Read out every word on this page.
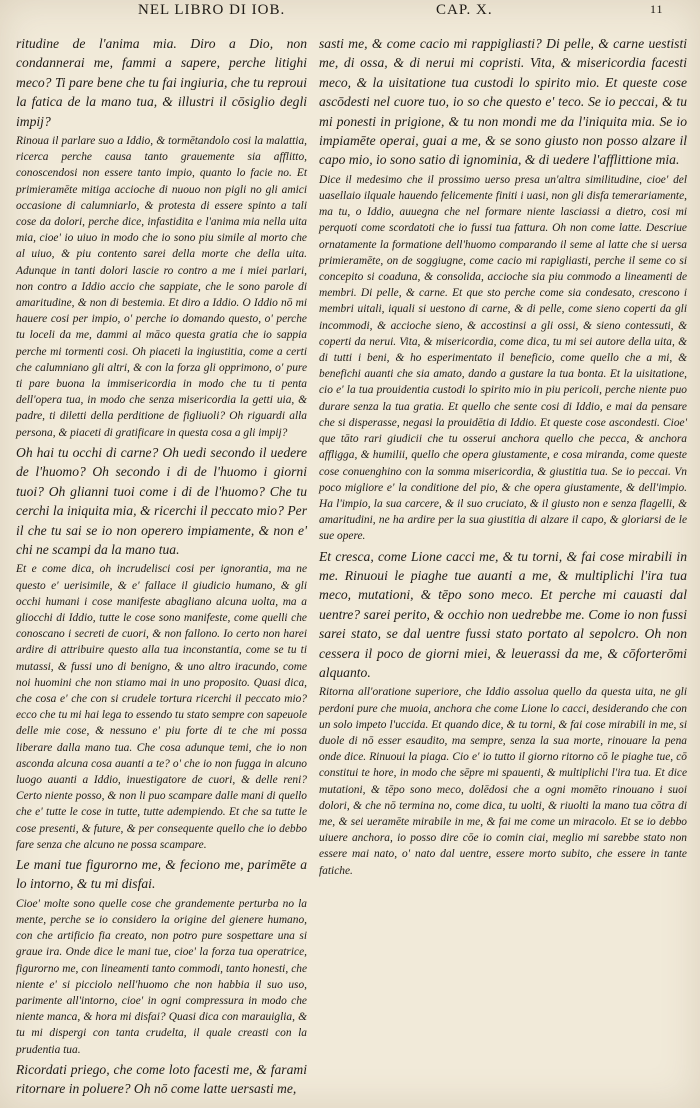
NEL LIBRO DI IOB.	CAP. X.	11

ritudine de l'anima mia. Diro a Dio, non condannerai me, fammi a sapere, perche litighi meco? Ti pare bene che tu fai ingiuria, che tu reproui la fatica de la mano tua, & illustri il cōsiglio degli impij?

Rinoua il parlare suo a Iddio, & tormētandolo cosi la malattia, ricerca perche causa tanto grauemente sia afflitto, conoscendosi non essere tanto impio, quanto lo facie no. Et primieramēte mitiga accioche di nuouo non pigli no gli amici occasione di calumniarlo, & protesta di essere spinto a tali cose da dolori, perche dice, infastidita e l'anima mia nella uita mia, cioe' io uiuo in modo che io sono piu simile al morto che al uiuo, & piu contento sarei della morte che della uita. Adunque in tanti dolori lascie ro contro a me i miei parlari, non contro a Iddio accio che sappiate, che le sono parole di amaritudine, & non di bestemia. Et diro a Iddio. O Iddio nō mi hauere cosi per impio, o' perche io domando questo, o' perche tu loceli da me, dammi al māco questa gratia che io sappia perche mi tormenti cosi. Oh piaceti la ingiustitia, come a certi che calumniano gli altri, & con la forza gli opprimono, o' pure ti pare buona la immisericordia in modo che tu ti penta dell'opera tua, in modo che senza misericordia la getti uia, & padre, ti diletti della perditione de figliuoli? Oh riguardi alla persona, & piaceti di gratificare in questa cosa a gli impij?

Oh hai tu occhi di carne? Oh uedi secondo il uedere de l'huomo? Oh secondo i di de l'huomo i giorni tuoi? Oh glianni tuoi come i di de l'huomo? Che tu cerchi la iniquita mia, & ricerchi il peccato mio? Per il che tu sai se io non operero impiamente, & non e' chi ne scampi da la mano tua.

Et e come dica, oh incrudelisci cosi per ignorantia, ma ne questo e' uerisimile, & e' fallace il giudicio humano, & gli occhi humani i cose manifeste abagliano alcuna uolta, ma a gliocchi di Iddio, tutte le cose sono manifeste, come quelli che conoscano i secreti de cuori, & non fallono. Io certo non harei ardire di attribuire questo alla tua inconstantia, come se tu ti mutassi, & fussi uno di benigno, & uno altro iracundo, come noi huomini che non stiamo mai in uno proposito. Quasi dica, che cosa e' che con si crudele tortura ricerchi il peccato mio? ecco che tu mi hai lega to essendo tu stato sempre con sapeuole delle mie cose, & nessuno e' piu forte di te che mi possa liberare dalla mano tua. Che cosa adunque temi, che io non asconda alcuna cosa auanti a te? o' che io non fugga in alcuno luogo auanti a Iddio, inuestigatore de cuori, & delle reni? Certo niente posso, & non li puo scampare dalle mani di quello che e' tutte le cose in tutte, tutte adempiendo. Et che sa tutte le cose presenti, & future, & per consequente quello che io debbo fare senza che alcuno ne possa scampare.

Le mani tue figurorno me, & feciono me, parimēte a lo intorno, & tu mi disfai.

Cioe' molte sono quelle cose che grandemente perturba no la mente, perche se io considero la origine del gienere humano, con che artificio fia creato, non potro pure sospettare una si graue ira. Onde dice le mani tue, cioe' la forza tua operatrice, figurorno me, con lineamenti tanto commodi, tanto honesti, che niente e' si picciolo nell'huomo che non habbia il suo uso, parimente all'intorno, cioe' in ogni compressura in modo che niente manca, & hora mi disfai? Quasi dica con marauiglia, & tu mi dispergi con tanta crudelta, il quale creasti con la prudentia tua.

Ricordati priego, che come loto facesti me, & farami ritornare in poluere? Oh nō come latte uersasti me,

sasti me, & come cacio mi rappigliasti? Di pelle, & carne uestisti me, di ossa, & di nerui mi copristi. Vita, & misericordia facesti meco, & la uisitatione tua custodi lo spirito mio. Et queste cose ascōdesti nel cuore tuo, io so che questo e' teco. Se io peccai, & tu mi ponesti in prigione, & tu non mondi me da l'iniquita mia. Se io impiamēte operai, guai a me, & se sono giusto non posso alzare il capo mio, io sono satio di ignominia, & di uedere l'afflittione mia.

Dice il medesimo che il prossimo uerso presa un'altra similitudine, cioe' del uasellaio ilquale hauendo felicemente finiti i uasi, non gli disfa temerariamente, ma tu, o Iddio, auuegna che nel formare niente lasciassi a dietro, cosi mi perquoti come scordatoti che io fussi tua fattura. Oh non come latte. Descriue ornatamente la formatione dell'huomo comparando il seme al latte che si uersa primieramēte, on de soggiugne, come cacio mi rapigliasti, perche il seme co si concepito si coaduna, & consolida, accioche sia piu commodo a lineamenti de membri. Di pelle, & carne. Et que sto perche come sia condesato, crescono i membri uitali, iquali si uestono di carne, & di pelle, come sieno coperti da gli incommodi, & accioche sieno, & accostinsi a gli ossi, & sieno contessuti, & coperti da nerui. Vita, & misericordia, come dica, tu mi sei autore della uita, & di tutti i beni, & ho esperimentato il beneficio, come quello che a mi, & benefichi auanti che sia amato, dando a gustare la tua bonta. Et la uisitatione, cio e' la tua prouidentia custodi lo spirito mio in piu pericoli, perche niente puo durare senza la tua gratia. Et quello che sente cosi di Iddio, e mai da pensare che si disperasse, negasi la prouidētia di Iddio. Et queste cose ascondesti. Cioe' que tāto rari giudicii che tu osserui anchora quello che pecca, & anchora affligga, & humilii, quello che opera giustamente, e cosa miranda, come queste cose conuenghino con la somma misericordia, & giustitia tua. Se io peccai. Vn poco migliore e' la conditione del pio, & che opera giustamente, & dell'impio. Ha l'impio, la sua carcere, & il suo cruciato, & il giusto non e senza flagelli, & amaritudini, ne ha ardire per la sua giustitia di alzare il capo, & gloriarsi de le sue opere.

Et cresca, come Lione cacci me, & tu torni, & fai cose mirabili in me. Rinuoui le piaghe tue auanti a me, & multiplichi l'ira tua meco, mutationi, & tēpo sono meco. Et perche mi cauasti dal uentre? sarei perito, & occhio non uedrebbe me. Come io non fussi sarei stato, se dal uentre fussi stato portato al sepolcro. Oh non cessera il poco de giorni miei, & leuerassi da me, & cōforterōmi alquanto.

Ritorna all'oratione superiore, che Iddio assolua quello da questa uita, ne gli perdoni pure che muoia, anchora che come Lione lo cacci, desiderando che con un solo impeto l'uccida. Et quando dice, & tu torni, & fai cose mirabili in me, si duole di nō esser esaudito, ma sempre, senza la sua morte, rinouare la pena onde dice. Rinuoui la piaga. Cio e' io tutto il giorno ritorno cō le piaghe tue, cō constitui te hore, in modo che sēpre mi spauenti, & multiplichi l'ira tua. Et dice mutationi, & tēpo sono meco, dolēdosi che a ogni momēto rinouano i suoi dolori, & che nō termina no, come dica, tu uolti, & riuolti la mano tua cōtra di me, & sei ueramēte mirabile in me, & fai me come un miracolo. Et se io debbo uiuere anchora, io posso dire cōe io comin ciai, meglio mi sarebbe stato non essere mai nato, o' nato dal uentre, essere morto subito, che essere in tante fatiche.
